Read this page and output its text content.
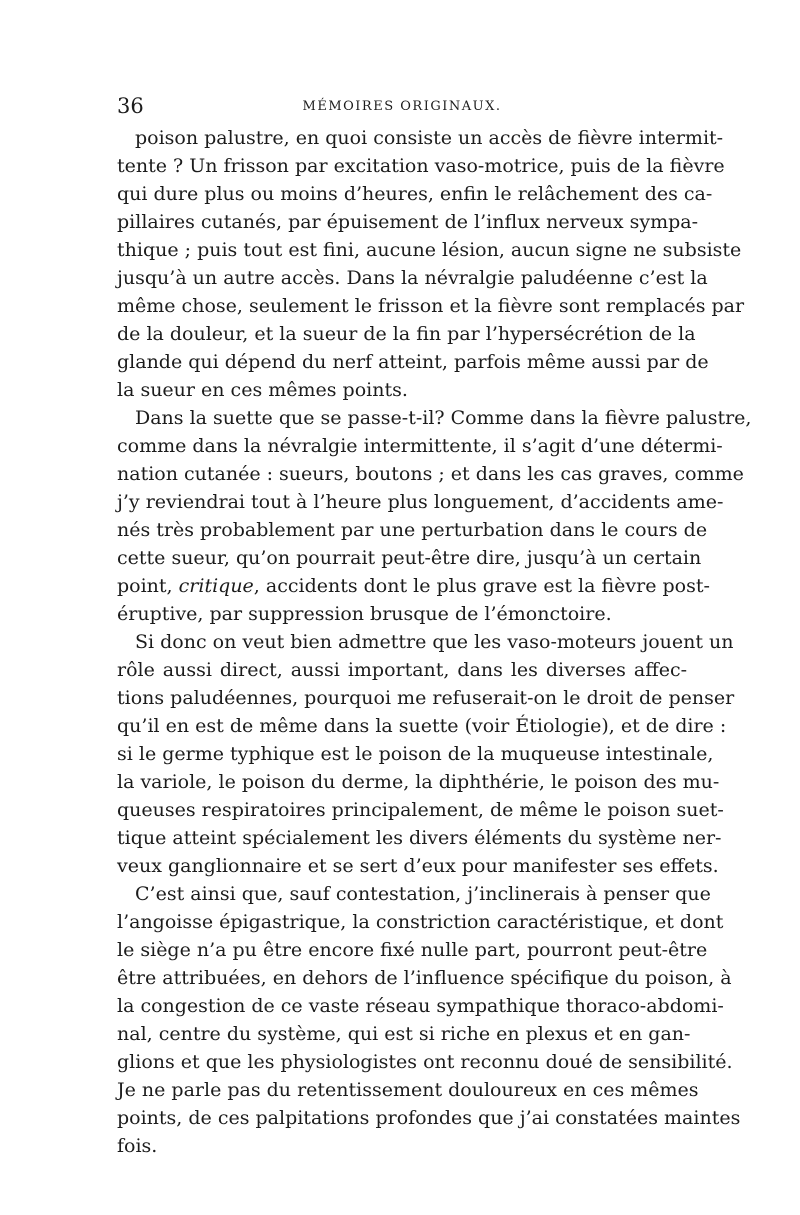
36	MÉMOIRES ORIGINAUX.
poison palustre, en quoi consiste un accès de fièvre intermit-
tente ? Un frisson par excitation vaso-motrice, puis de la fièvre
qui dure plus ou moins d’heures, enfin le relâchement des ca-
pillaires cutanés, par épuisement de l’influx nerveux sympa-
thique ; puis tout est fini, aucune lésion, aucun signe ne subsiste
jusqu’à un autre accès. Dans la névralgie paludéenne c’est la
même chose, seulement le frisson et la fièvre sont remplacés par
de la douleur, et la sueur de la fin par l’hypersécrétion de la
glande qui dépend du nerf atteint, parfois même aussi par de
la sueur en ces mêmes points.
Dans la suette que se passe-t-il? Comme dans la fièvre palustre,
comme dans la névralgie intermittente, il s’agit d’une détermi-
nation cutanée : sueurs, boutons ; et dans les cas graves, comme
j’y reviendrai tout à l’heure plus longuement, d’accidents ame-
nés très probablement par une perturbation dans le cours de
cette sueur, qu’on pourrait peut-être dire, jusqu’à un certain
point, critique, accidents dont le plus grave est la fièvre post-
éruptive, par suppression brusque de l’émonctoire.
Si donc on veut bien admettre que les vaso-moteurs jouent un
rôle aussi direct, aussi important, dans les diverses affec-
tions paludéennes, pourquoi me refuserait-on le droit de penser
qu’il en est de même dans la suette (voir Étiologie), et de dire :
si le germe typhique est le poison de la muqueuse intestinale,
la variole, le poison du derme, la diphthérie, le poison des mu-
queuses respiratoires principalement, de même le poison suet-
tique atteint spécialement les divers éléments du système ner-
veux ganglionnaire et se sert d’eux pour manifester ses effets.
C’est ainsi que, sauf contestation, j’inclinerais à penser que
l’angoisse épigastrique, la constriction caractéristique, et dont
le siège n’a pu être encore fixé nulle part, pourront peut-être
être attribuées, en dehors de l’influence spécifique du poison, à
la congestion de ce vaste réseau sympathique thoraco-abdomi-
nal, centre du système, qui est si riche en plexus et en gan-
glions et que les physiologistes ont reconnu doué de sensibilité.
Je ne parle pas du retentissement douloureux en ces mêmes
points, de ces palpitations profondes que j’ai constatées maintes
fois.
